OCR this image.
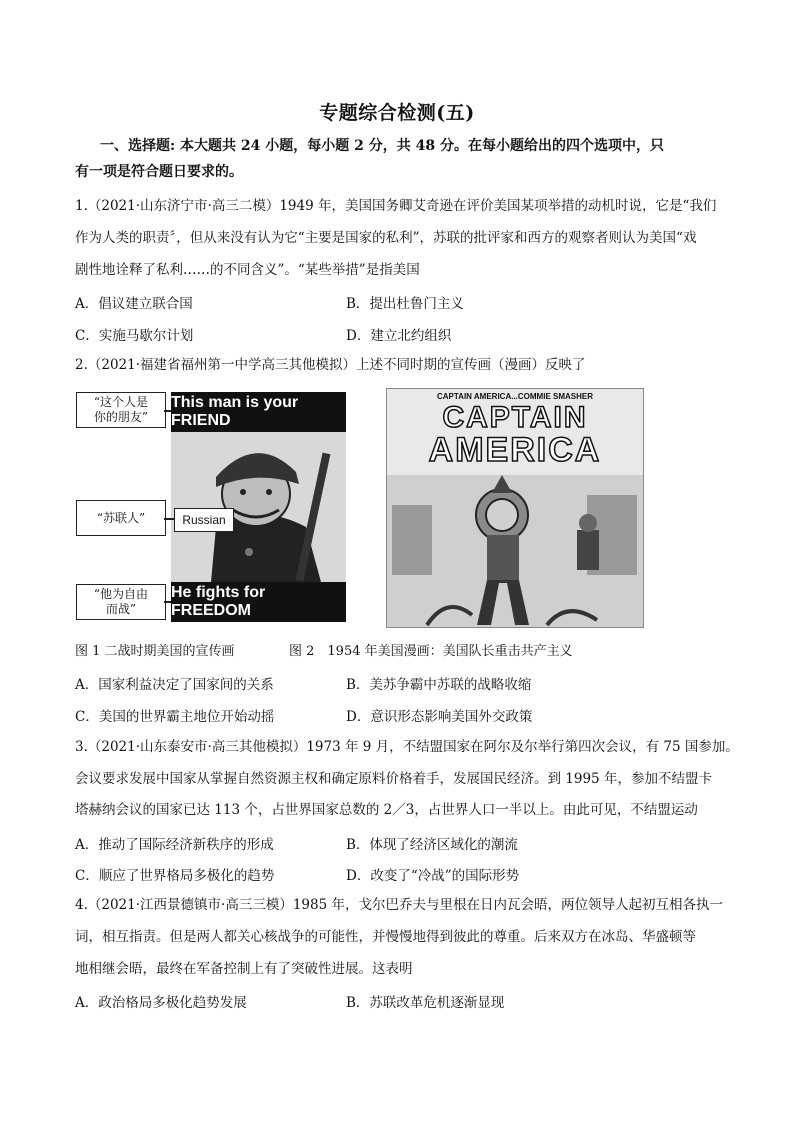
专题综合检测(五)
一、选择题: 本大题共 24 小题，每小题 2 分，共 48 分。在每小题给出的四个选项中，只
有一项是符合题日要求的。
1.（2021·山东济宁市·高三二模）1949 年，美国国务卿艾奇逊在评价美国某项举措的动机时说，它是“我们
作为人类的职责〞，但从来没有认为它“主要是国家的私利”，苏联的批评家和西方的观察者则认为美国“戏
剧性地诠释了私利……的不同含义”。“某些举措”是指美国
A．倡议建立联合国	B．提出杜鲁门主义
C．实施马歇尔计划	D．建立北约组织
2.（2021·福建省福州第一中学高三其他模拟）上述不同时期的宣传画（漫画）反映了
“这个人是
你的朋友”
This man is your FRIEND
“苏联人”	Russian
“他为自由
而战”
He fights for FREEDOM
CAPTAIN AMERICA...COMMIE SMASHER
CAPTAIN
AMERICA
图 1 二战时期美国的宣传画	图 2　1954 年美国漫画：美国队长重击共产主义
A．国家利益决定了国家间的关系	B．美苏争霸中苏联的战略收缩
C．美国的世界霸主地位开始动摇	D．意识形态影响美国外交政策
3.（2021·山东泰安市·高三其他模拟）1973 年 9 月，不结盟国家在阿尔及尔举行第四次会议，有 75 国参加。
会议要求发展中国家从掌握自然资源主权和确定原料价格着手，发展国民经济。到 1995 年，参加不结盟卡
塔赫纳会议的国家已达 113 个，占世界国家总数的 2／3，占世界人口一半以上。由此可见，不结盟运动
A．推动了国际经济新秩序的形成	B．体现了经济区域化的潮流
C．顺应了世界格局多极化的趋势	D．改变了“冷战”的国际形势
4.（2021·江西景德镇市·高三三模）1985 年，戈尔巴乔夫与里根在日内瓦会晤，两位领导人起初互相各执一
词，相互指责。但是两人都关心核战争的可能性，并慢慢地得到彼此的尊重。后来双方在冰岛、华盛顿等
地相继会晤，最终在军备控制上有了突破性进展。这表明
A．政治格局多极化趋势发展	B．苏联改革危机逐渐显现
